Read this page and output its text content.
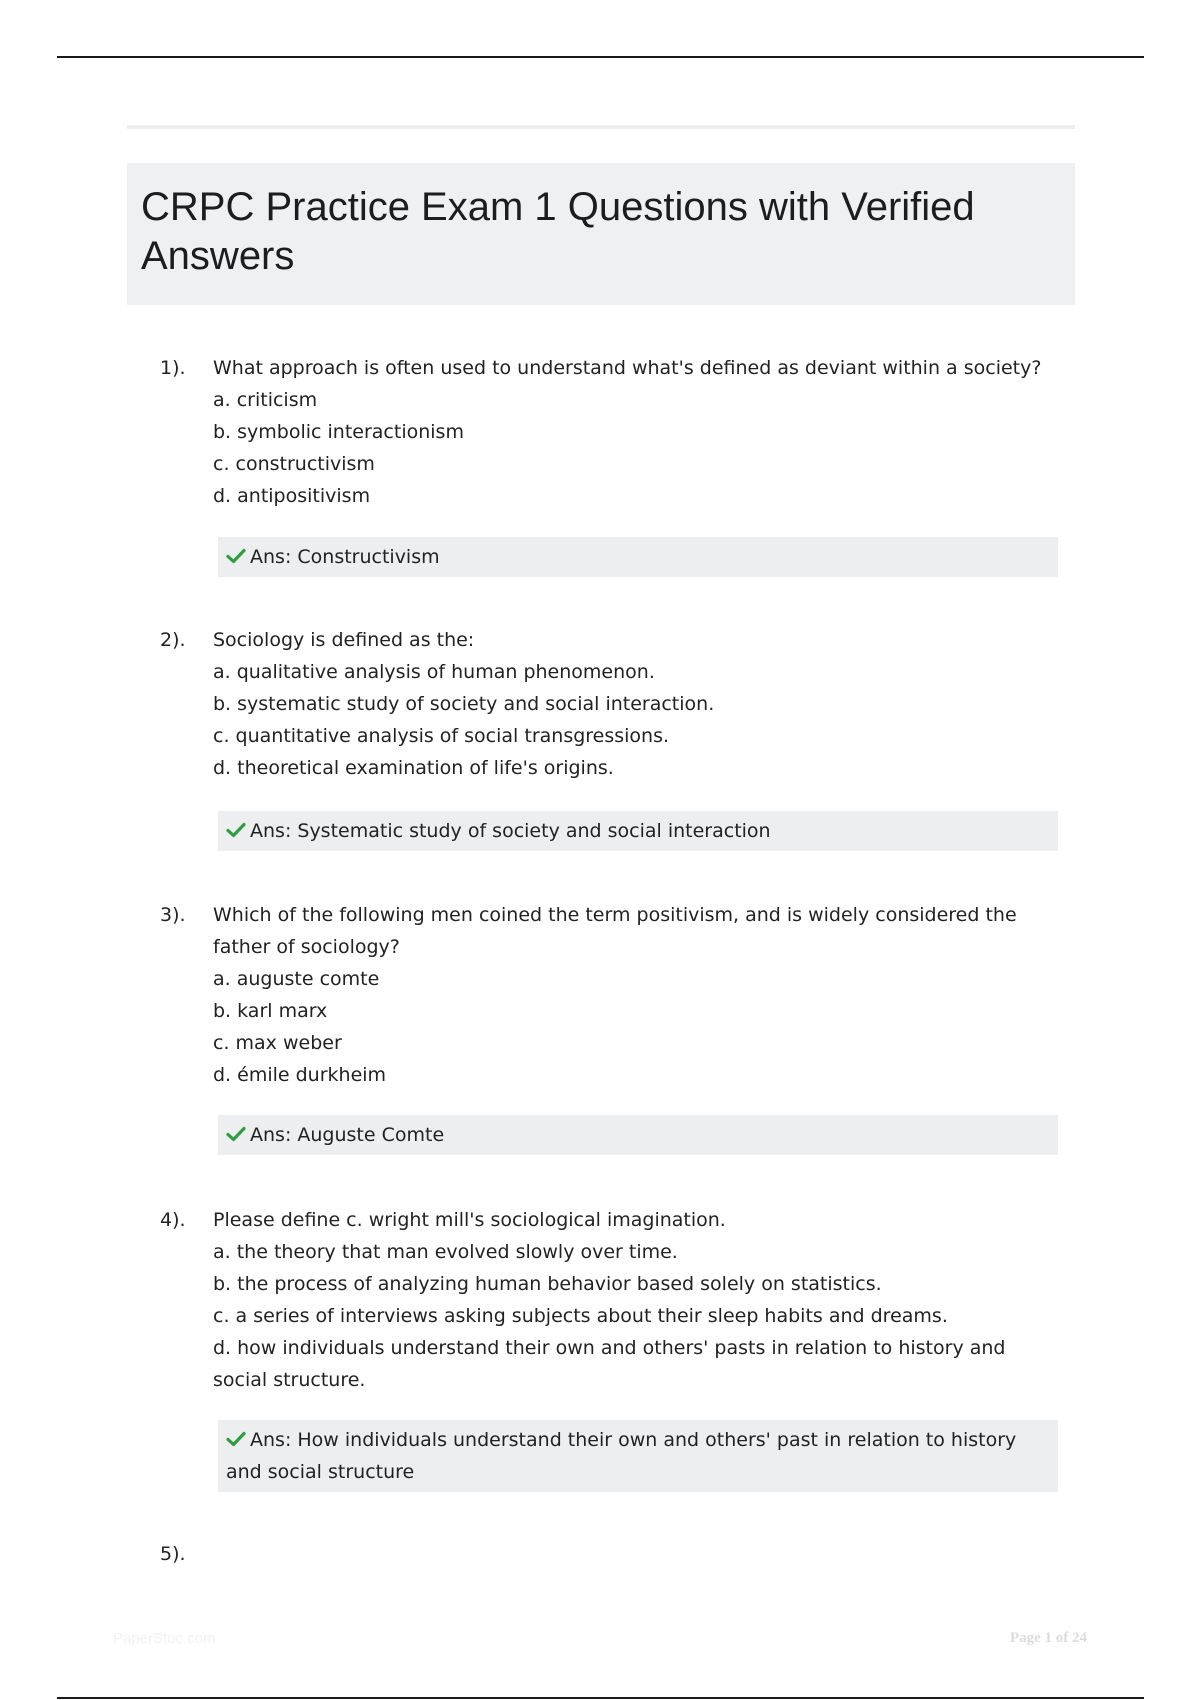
CRPC Practice Exam 1 Questions with Verified Answers
1). What approach is often used to understand what's defined as deviant within a society?

a. criticism

b. symbolic interactionism

c. constructivism

d. antipositivism

Ans: Constructivism
2). Sociology is defined as the:

a. qualitative analysis of human phenomenon.

b. systematic study of society and social interaction.

c. quantitative analysis of social transgressions.

d. theoretical examination of life's origins.

Ans: Systematic study of society and social interaction
3). Which of the following men coined the term positivism, and is widely considered the father of sociology?

a. auguste comte

b. karl marx

c. max weber

d. émile durkheim

Ans: Auguste Comte
4). Please define c. wright mill's sociological imagination.

a. the theory that man evolved slowly over time.

b. the process of analyzing human behavior based solely on statistics.

c. a series of interviews asking subjects about their sleep habits and dreams.

d. how individuals understand their own and others' pasts in relation to history and social structure.

Ans: How individuals understand their own and others' past in relation to history and social structure
5).
PaperStoc.com	Page 1 of 24
